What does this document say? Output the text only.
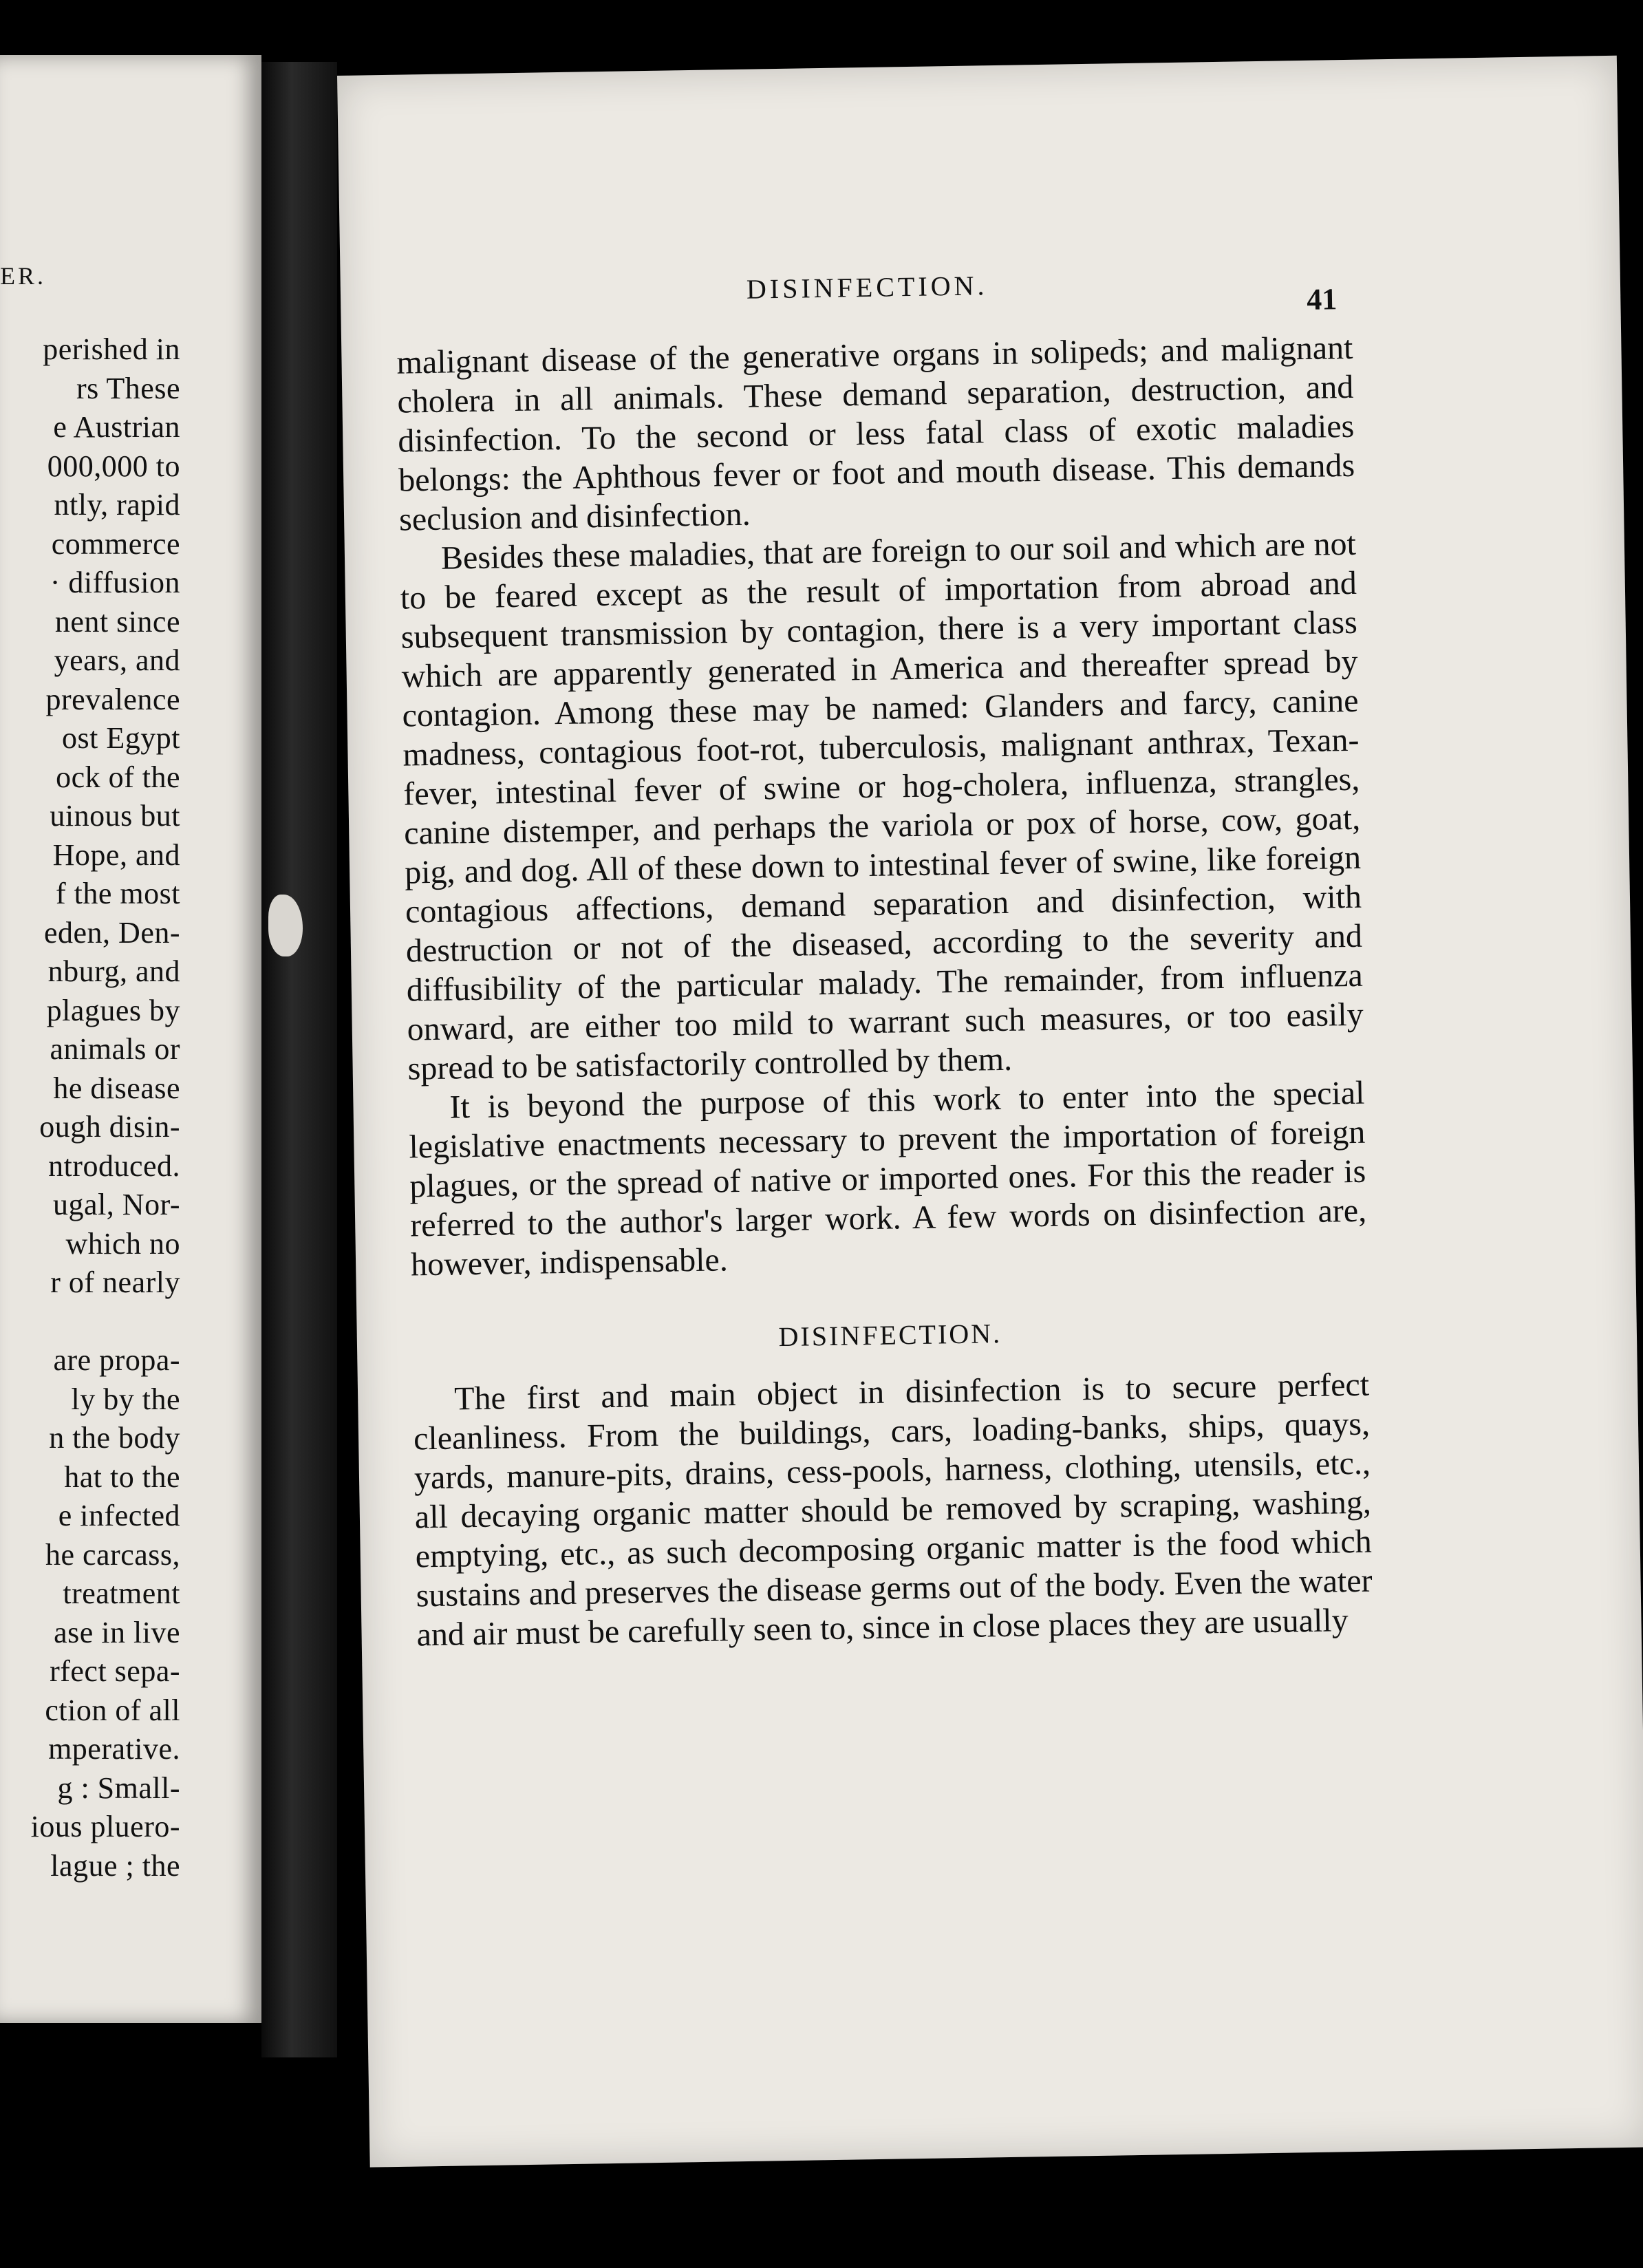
ER.
perished in
rs These
e Austrian
000,000 to
ntly, rapid
commerce
· diffusion
nent since
years, and
prevalence
ost Egypt
ock of the
uinous but
Hope, and
f the most
eden, Den-
nburg, and
plagues by
animals or
he disease
ough disin-
ntroduced.
ugal, Nor-
which no
r of nearly
are propa-
ly by the
n the body
hat to the
e infected
he carcass,
treatment
ase in live
rfect sepa-
ction of all
mperative.
g : Small-
ious pluero-
lague ; the
DISINFECTION.	41

malignant disease of the generative organs in solipeds; and malignant cholera in all animals. These demand separation, destruction, and disinfection. To the second or less fatal class of exotic maladies belongs: the Aphthous fever or foot and mouth disease. This demands seclusion and disinfection.

Besides these maladies, that are foreign to our soil and which are not to be feared except as the result of importation from abroad and subsequent transmission by contagion, there is a very important class which are apparently generated in America and thereafter spread by contagion. Among these may be named: Glanders and farcy, canine madness, contagious foot-rot, tuberculosis, malignant anthrax, Texan-fever, intestinal fever of swine or hog-cholera, influenza, strangles, canine distemper, and perhaps the variola or pox of horse, cow, goat, pig, and dog. All of these down to intestinal fever of swine, like foreign contagious affections, demand separation and disinfection, with destruction or not of the diseased, according to the severity and diffusibility of the particular malady. The remainder, from influenza onward, are either too mild to warrant such measures, or too easily spread to be satisfactorily controlled by them.

It is beyond the purpose of this work to enter into the special legislative enactments necessary to prevent the importation of foreign plagues, or the spread of native or imported ones. For this the reader is referred to the author's larger work. A few words on disinfection are, however, indispensable.

DISINFECTION.

The first and main object in disinfection is to secure perfect cleanliness. From the buildings, cars, loading-banks, ships, quays, yards, manure-pits, drains, cess-pools, harness, clothing, utensils, etc., all decaying organic matter should be removed by scraping, washing, emptying, etc., as such decomposing organic matter is the food which sustains and preserves the disease germs out of the body. Even the water and air must be carefully seen to, since in close places they are usually
